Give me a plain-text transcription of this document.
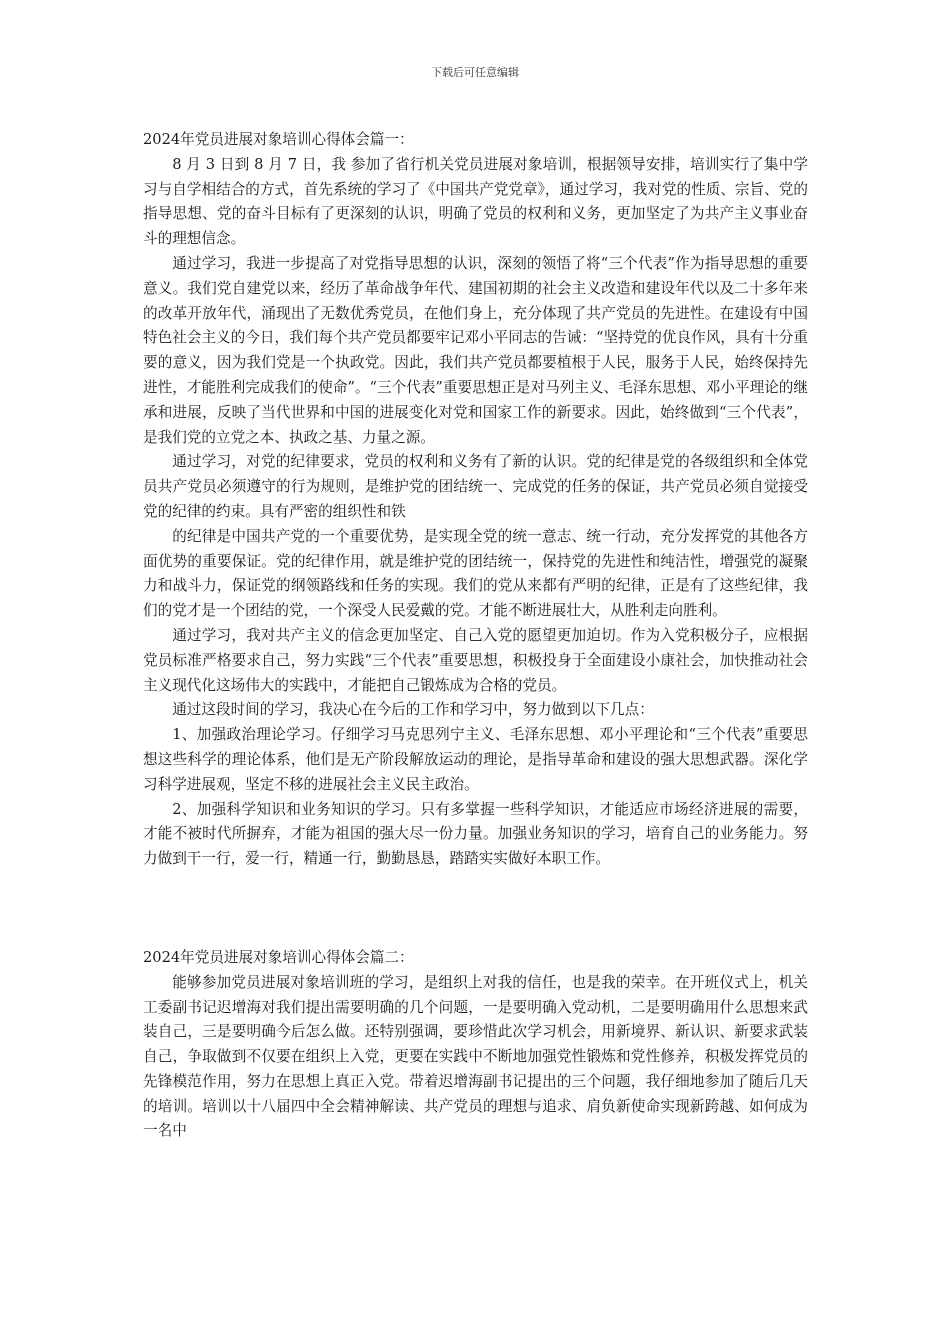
下载后可任意编辑

2024年党员进展对象培训心得体会篇一：

8 月 3 日到 8 月 7 日，我 参加了省行机关党员进展对象培训，根据领导安排，培训实行了集中学习与自学相结合的方式，首先系统的学习了《中国共产党党章》，通过学习，我对党的性质、宗旨、党的指导思想、党的奋斗目标有了更深刻的认识，明确了党员的权利和义务，更加坚定了为共产主义事业奋斗的理想信念。

通过学习，我进一步提高了对党指导思想的认识，深刻的领悟了将“三个代表”作为指导思想的重要意义。我们党自建党以来，经历了革命战争年代、建国初期的社会主义改造和建设年代以及二十多年来的改革开放年代，涌现出了无数优秀党员，在他们身上，充分体现了共产党员的先进性。在建设有中国特色社会主义的今日，我们每个共产党员都要牢记邓小平同志的告诫：“坚持党的优良作风，具有十分重要的意义，因为我们党是一个执政党。因此，我们共产党员都要植根于人民，服务于人民，始终保持先进性，才能胜利完成我们的使命”。“三个代表”重要思想正是对马列主义、毛泽东思想、邓小平理论的继承和进展，反映了当代世界和中国的进展变化对党和国家工作的新要求。因此，始终做到“三个代表”，是我们党的立党之本、执政之基、力量之源。

通过学习，对党的纪律要求，党员的权利和义务有了新的认识。党的纪律是党的各级组织和全体党员共产党员必须遵守的行为规则，是维护党的团结统一、完成党的任务的保证，共产党员必须自觉接受党的纪律的约束。具有严密的组织性和铁

的纪律是中国共产党的一个重要优势，是实现全党的统一意志、统一行动，充分发挥党的其他各方面优势的重要保证。党的纪律作用，就是维护党的团结统一，保持党的先进性和纯洁性，增强党的凝聚力和战斗力，保证党的纲领路线和任务的实现。我们的党从来都有严明的纪律，正是有了这些纪律，我们的党才是一个团结的党，一个深受人民爱戴的党。才能不断进展壮大，从胜利走向胜利。

通过学习，我对共产主义的信念更加坚定、自己入党的愿望更加迫切。作为入党积极分子，应根据党员标准严格要求自己，努力实践“三个代表”重要思想，积极投身于全面建设小康社会，加快推动社会主义现代化这场伟大的实践中，才能把自己锻炼成为合格的党员。

通过这段时间的学习，我决心在今后的工作和学习中，努力做到以下几点：

1、加强政治理论学习。仔细学习马克思列宁主义、毛泽东思想、邓小平理论和“三个代表”重要思想这些科学的理论体系，他们是无产阶段解放运动的理论，是指导革命和建设的强大思想武器。深化学习科学进展观，坚定不移的进展社会主义民主政治。

2、加强科学知识和业务知识的学习。只有多掌握一些科学知识，才能适应市场经济进展的需要，才能不被时代所摒弃，才能为祖国的强大尽一份力量。加强业务知识的学习，培育自己的业务能力。努力做到干一行，爱一行，精通一行，勤勤恳恳，踏踏实实做好本职工作。

2024年党员进展对象培训心得体会篇二：

能够参加党员进展对象培训班的学习，是组织上对我的信任，也是我的荣幸。在开班仪式上，机关工委副书记迟增海对我们提出需要明确的几个问题，一是要明确入党动机，二是要明确用什么思想来武装自己，三是要明确今后怎么做。还特别强调，要珍惜此次学习机会，用新境界、新认识、新要求武装自己，争取做到不仅要在组织上入党，更要在实践中不断地加强党性锻炼和党性修养，积极发挥党员的先锋模范作用，努力在思想上真正入党。带着迟增海副书记提出的三个问题，我仔细地参加了随后几天的培训。培训以十八届四中全会精神解读、共产党员的理想与追求、肩负新使命实现新跨越、如何成为一名中
